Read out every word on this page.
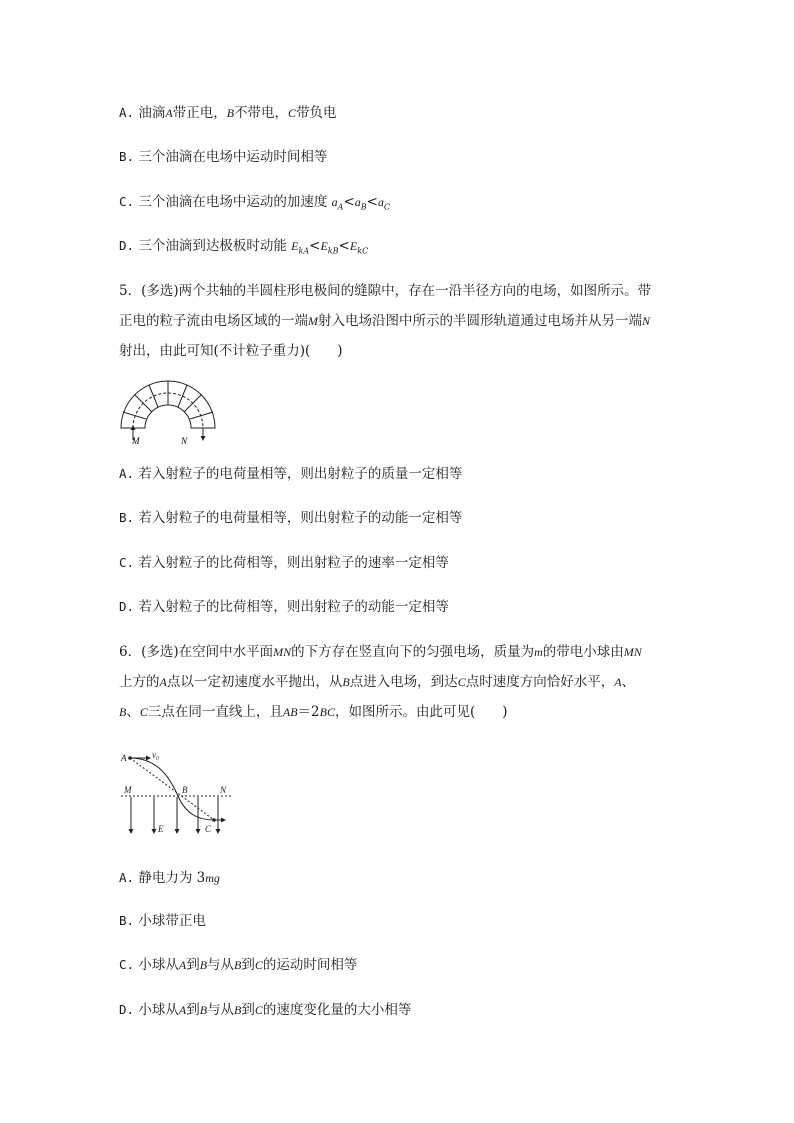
A. 油滴A带正电，B不带电，C带负电
B. 三个油滴在电场中运动时间相等
C. 三个油滴在电场中运动的加速度 $a_A<a_B<a_C$
D. 三个油滴到达极板时动能 $E_{kA}<E_{kB}<E_{kC}$
5．(多选)两个共轴的半圆柱形电极间的缝隙中，存在一沿半径方向的电场，如图所示。带
正电的粒子流由电场区域的一端M射入电场沿图中所示的半圆形轨道通过电场并从另一端N
射出，由此可知(不计粒子重力)(　　)
M	N
A. 若入射粒子的电荷量相等，则出射粒子的质量一定相等
B. 若入射粒子的电荷量相等，则出射粒子的动能一定相等
C. 若入射粒子的比荷相等，则出射粒子的速率一定相等
D. 若入射粒子的比荷相等，则出射粒子的动能一定相等
6．(多选)在空间中水平面MN的下方存在竖直向下的匀强电场，质量为m的带电小球由MN
上方的A点以一定初速度水平抛出，从B点进入电场，到达C点时速度方向恰好水平，A、
B、C三点在同一直线上，且AB＝2BC，如图所示。由此可见(　　)
A	v₀
M	B	N
E	C
A. 静电力为 3mg
B. 小球带正电
C. 小球从A到B与从B到C的运动时间相等
D. 小球从A到B与从B到C的速度变化量的大小相等
